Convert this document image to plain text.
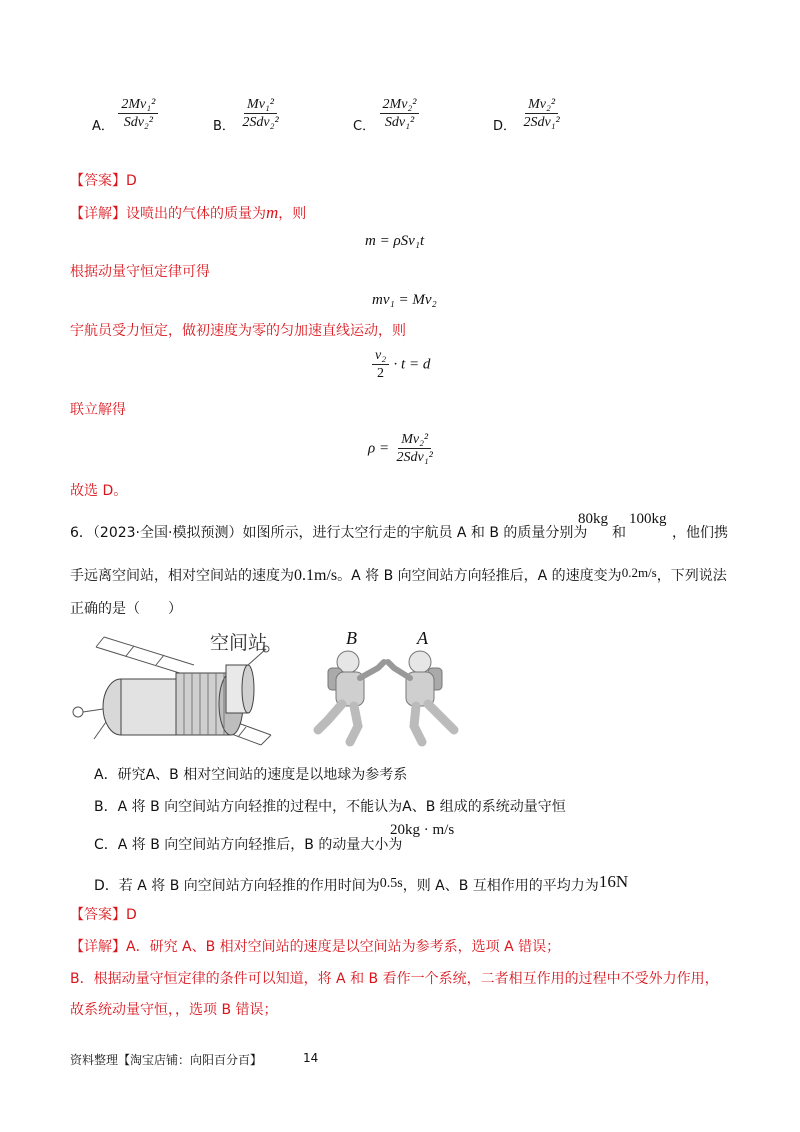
A． $\frac{\text{2Mv₁²}}{\text{Sdv₂²}}$	B． $\frac{\text{Mv₁²}}{\text{2Sdv₂²}}$	C． $\frac{\text{2Mv₂²}}{\text{Sdv₁²}}$	D． $\frac{\text{Mv₂²}}{\text{2Sdv₁²}}$
【答案】D
【详解】设喷出的气体的质量为m，则
m = ρSv₁t
根据动量守恒定律可得
mv₁ = Mv₂
宇航员受力恒定，做初速度为零的匀加速直线运动，则
$\frac{\text{v₂}}{2} \cdot t = d$
联立解得
$\rho = \frac{\text{Mv₂²}}{\text{2Sdv₁²}}$
故选 D。
6．（2023·全国·模拟预测）如图所示，进行太空行走的宇航员 A 和 B 的质量分别为
80kg
和
100kg
，他们携
手远离空间站，相对空间站的速度为0.1m/s。A 将 B 向空间站方向轻推后，A 的速度变为0.2m/s，下列说法
正确的是（　　）
空间站	B	A
A．研究A、B 相对空间站的速度是以地球为参考系
B．A 将 B 向空间站方向轻推的过程中，不能认为A、B 组成的系统动量守恒
C．A 将 B 向空间站方向轻推后，B 的动量大小为
20kg · m/s
D．若 A 将 B 向空间站方向轻推的作用时间为0.5s，则 A、B 互相作用的平均力为16N
【答案】D
【详解】A．研究 A、B 相对空间站的速度是以空间站为参考系，选项 A 错误；
B．根据动量守恒定律的条件可以知道，将 A 和 B 看作一个系统，二者相互作用的过程中不受外力作用，
故系统动量守恒，，选项 B 错误；
资料整理【淘宝店铺：向阳百分百】	14
